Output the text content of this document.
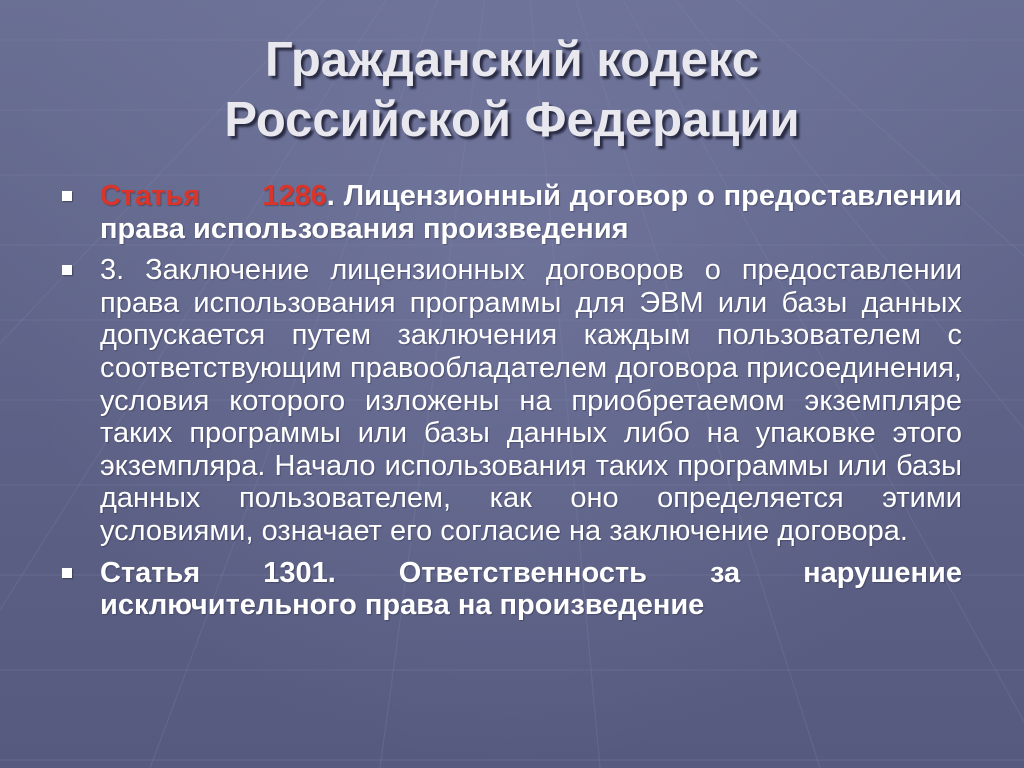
Гражданский кодекс
Российской Федерации
Статья 1286. Лицензионный договор о предоставлении права использования произведения
3. Заключение лицензионных договоров о предоставлении права использования программы для ЭВМ или базы данных допускается путем заключения каждым пользователем с соответствующим правообладателем договора присоединения, условия которого изложены на приобретаемом экземпляре таких программы или базы данных либо на упаковке этого экземпляра. Начало использования таких программы или базы данных пользователем, как оно определяется этими условиями, означает его согласие на заключение договора.
Статья 1301. Ответственность за нарушение исключительного права на произведение
